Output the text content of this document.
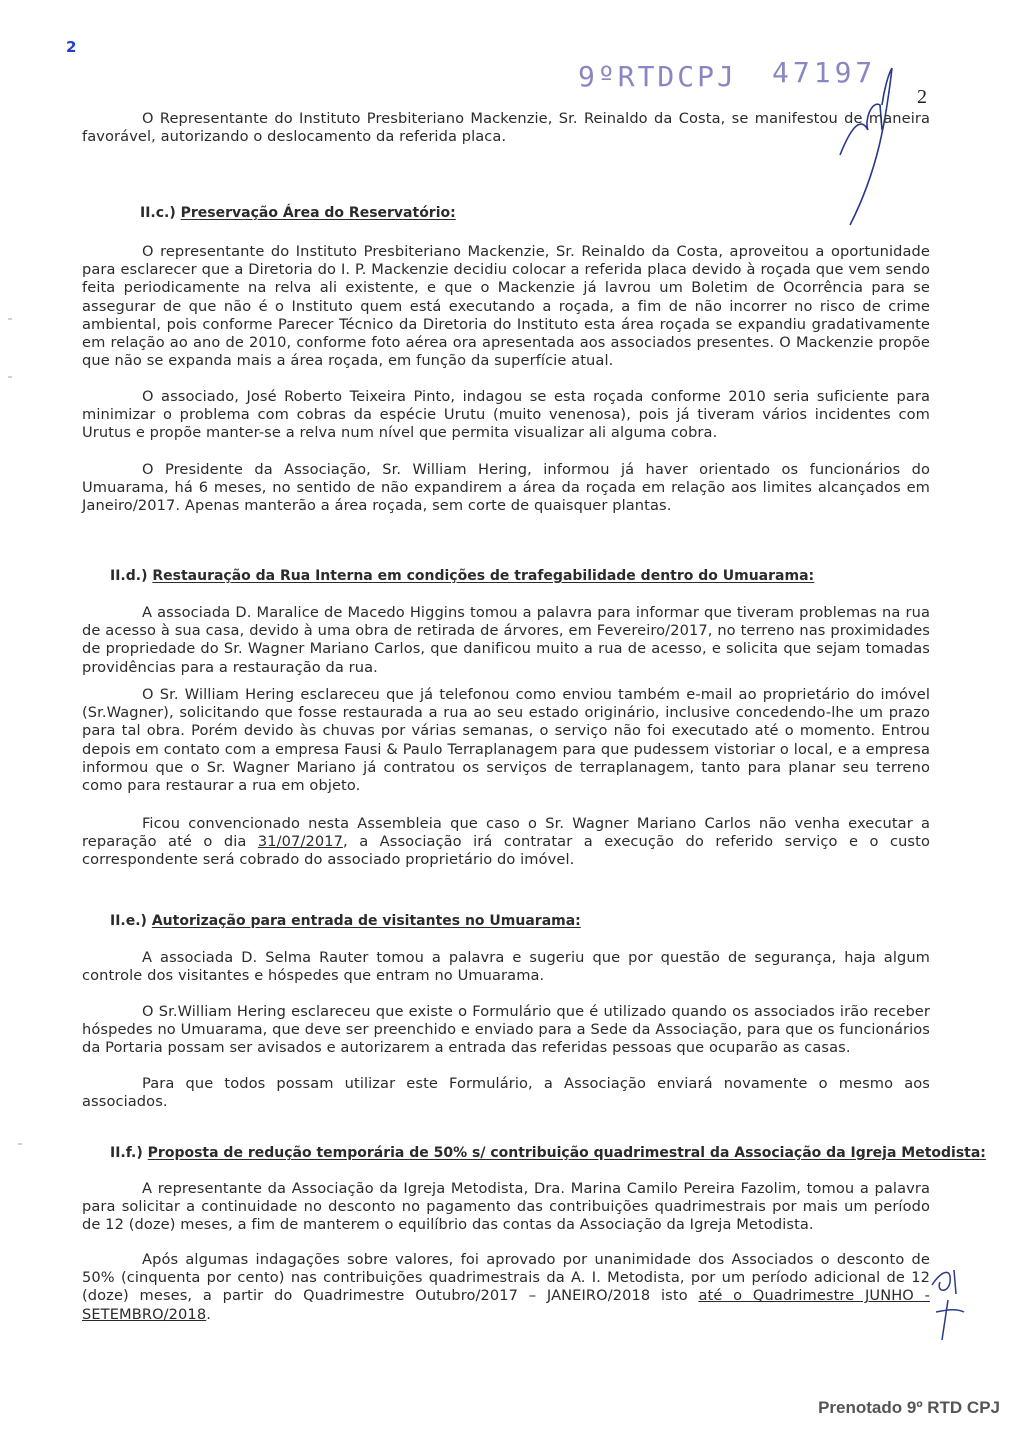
2
9ºRTDCPJ 47197
2
O Representante do Instituto Presbiteriano Mackenzie, Sr. Reinaldo da Costa, se manifestou de maneira favorável, autorizando o deslocamento da referida placa.
II.c.) Preservação Área do Reservatório:
O representante do Instituto Presbiteriano Mackenzie, Sr. Reinaldo da Costa, aproveitou a oportunidade para esclarecer que a Diretoria do I. P. Mackenzie decidiu colocar a referida placa devido à roçada que vem sendo feita periodicamente na relva ali existente, e que o Mackenzie já lavrou um Boletim de Ocorrência para se assegurar de que não é o Instituto quem está executando a roçada, a fim de não incorrer no risco de crime ambiental, pois conforme Parecer Técnico da Diretoria do Instituto esta área roçada se expandiu gradativamente em relação ao ano de 2010, conforme foto aérea ora apresentada aos associados presentes. O Mackenzie propõe que não se expanda mais a área roçada, em função da superfície atual.
O associado, José Roberto Teixeira Pinto, indagou se esta roçada conforme 2010 seria suficiente para minimizar o problema com cobras da espécie Urutu (muito venenosa), pois já tiveram vários incidentes com Urutus e propõe manter-se a relva num nível que permita visualizar ali alguma cobra.
O Presidente da Associação, Sr. William Hering, informou já haver orientado os funcionários do Umuarama, há 6 meses, no sentido de não expandirem a área da roçada em relação aos limites alcançados em Janeiro/2017. Apenas manterão a área roçada, sem corte de quaisquer plantas.
II.d.) Restauração da Rua Interna em condições de trafegabilidade dentro do Umuarama:
A associada D. Maralice de Macedo Higgins tomou a palavra para informar que tiveram problemas na rua de acesso à sua casa, devido à uma obra de retirada de árvores, em Fevereiro/2017, no terreno nas proximidades de propriedade do Sr. Wagner Mariano Carlos, que danificou muito a rua de acesso, e solicita que sejam tomadas providências para a restauração da rua.
O Sr. William Hering esclareceu que já telefonou como enviou também e-mail ao proprietário do imóvel (Sr.Wagner), solicitando que fosse restaurada a rua ao seu estado originário, inclusive concedendo-lhe um prazo para tal obra. Porém devido às chuvas por várias semanas, o serviço não foi executado até o momento. Entrou depois em contato com a empresa Fausi & Paulo Terraplanagem para que pudessem vistoriar o local, e a empresa informou que o Sr. Wagner Mariano já contratou os serviços de terraplanagem, tanto para planar seu terreno como para restaurar a rua em objeto.
Ficou convencionado nesta Assembleia que caso o Sr. Wagner Mariano Carlos não venha executar a reparação até o dia 31/07/2017, a Associação irá contratar a execução do referido serviço e o custo correspondente será cobrado do associado proprietário do imóvel.
II.e.) Autorização para entrada de visitantes no Umuarama:
A associada D. Selma Rauter tomou a palavra e sugeriu que por questão de segurança, haja algum controle dos visitantes e hóspedes que entram no Umuarama.
O Sr.William Hering esclareceu que existe o Formulário que é utilizado quando os associados irão receber hóspedes no Umuarama, que deve ser preenchido e enviado para a Sede da Associação, para que os funcionários da Portaria possam ser avisados e autorizarem a entrada das referidas pessoas que ocuparão as casas.
Para que todos possam utilizar este Formulário, a Associação enviará novamente o mesmo aos associados.
II.f.) Proposta de redução temporária de 50% s/ contribuição quadrimestral da Associação da Igreja Metodista:
A representante da Associação da Igreja Metodista, Dra. Marina Camilo Pereira Fazolim, tomou a palavra para solicitar a continuidade no desconto no pagamento das contribuições quadrimestrais por mais um período de 12 (doze) meses, a fim de manterem o equilíbrio das contas da Associação da Igreja Metodista.
Após algumas indagações sobre valores, foi aprovado por unanimidade dos Associados o desconto de 50% (cinquenta por cento) nas contribuições quadrimestrais da A. I. Metodista, por um período adicional de 12 (doze) meses, a partir do Quadrimestre Outubro/2017 – JANEIRO/2018 isto até o Quadrimestre JUNHO - SETEMBRO/2018.
Prenotado 9º RTD CPJ
